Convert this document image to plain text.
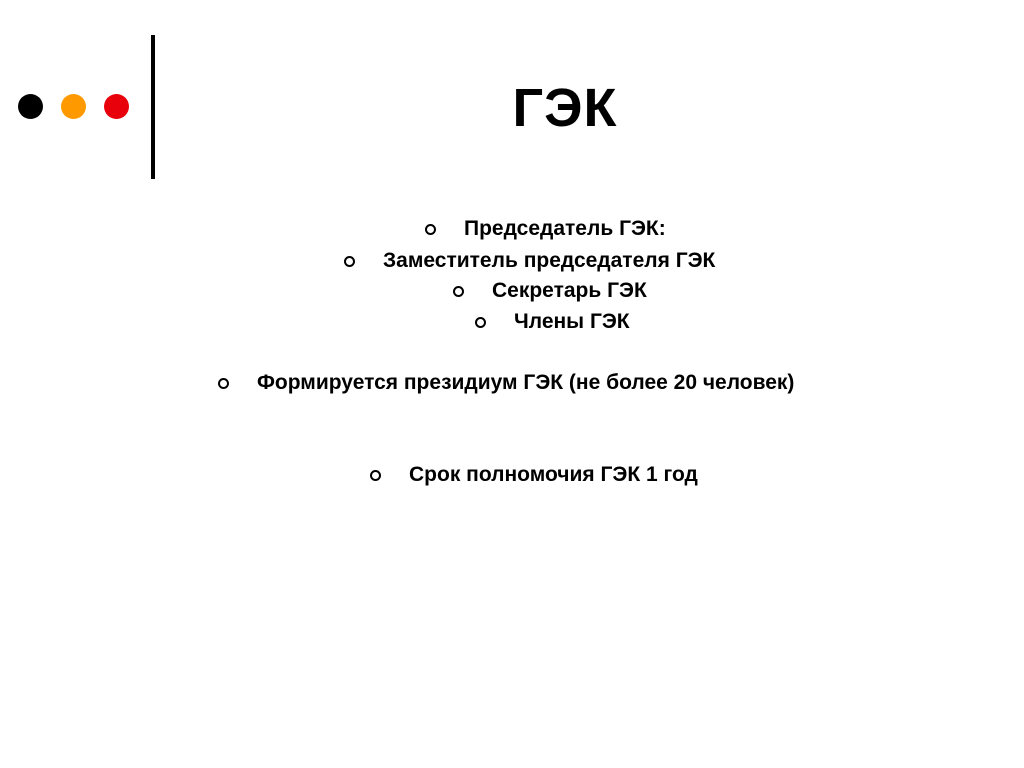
ГЭК
Председатель ГЭК:
Заместитель председателя ГЭК
Секретарь ГЭК
Члены ГЭК
Формируется президиум ГЭК (не более 20 человек)
Срок полномочия ГЭК 1 год
